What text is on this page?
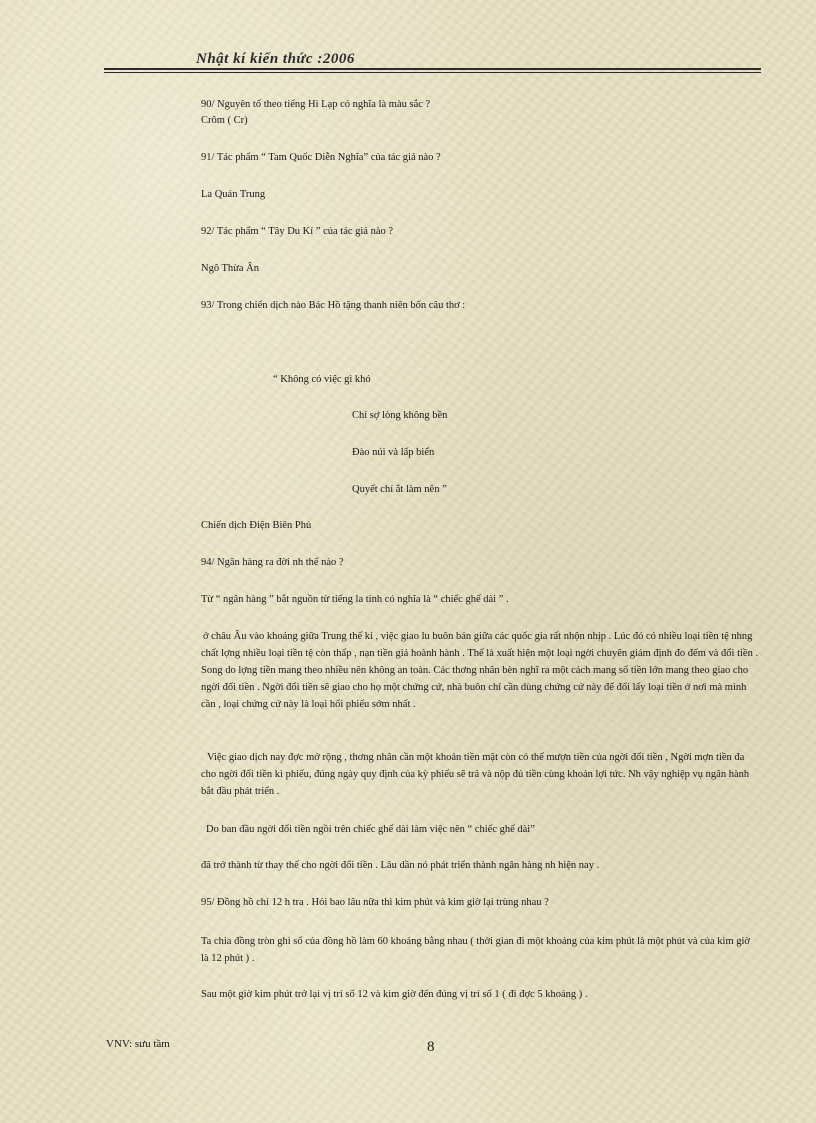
Nhật kí kiến thức :2006
90/ Nguyên tố theo tiếng Hi Lạp có nghĩa là màu sắc ?
Crôm ( Cr)
91/ Tác phẩm “ Tam Quốc Diễn Nghĩa” của tác giả nào ?
La Quán Trung
92/ Tác phẩm “ Tây Du Kí ” của tác giả nào ?
Ngô Thừa Ân
93/ Trong chiến dịch nào Bác Hồ tặng thanh niên bốn câu thơ :
“ Không có việc gì khó
Chỉ sợ lòng không bền
Đào núi và lấp biển
Quyết chí ắt làm nên ”
Chiến dịch Điện Biên Phủ
94/ Ngân hàng ra đời nh thế nào ?
Từ “ ngân hàng ” bắt nguồn từ tiếng la tinh có nghĩa là “ chiếc ghế dài ” .
ở châu Âu vào khoảng giữa Trung thế kỉ , việc giao lu buôn bán giữa các quốc gia rất nhộn nhịp . Lúc đó có nhiều loại tiền tệ nhng chất lợng nhiều loại tiền tệ còn thấp , nạn tiền giả hoành hành . Thế là xuất hiện một loại ngời chuyên giám định đo đếm và đổi tiền . Song do lợng tiền mang theo nhiều nên không an toàn. Các thơng nhân bèn nghĩ ra một cách mang số tiền lớn mang theo giao cho ngời đổi tiền . Ngời đổi tiền sẽ giao cho họ một chứng cứ, nhà buôn chỉ cần dùng chứng cứ này để đổi lấy loại tiền ở nơi mà mình cần , loại chứng cứ này là loại hối phiếu sớm nhất .
Việc giao dịch nay đợc mở rộng , thơng nhân cần một khoản tiền mặt còn có thể mượn tiền của ngời đổi tiền , Ngời mợn tiền đa cho ngời đổi tiền kì phiếu, đúng ngày quy định của kỳ phiếu sẽ trả và nộp đủ tiền cùng khoản lợi tức. Nh vậy nghiệp vụ ngân hành bắt đầu phát triển .
Do ban đầu ngời đổi tiền ngồi trên chiếc ghế dài làm việc nên “ chiếc ghế dài”
đã trở thành từ thay thế cho ngời đổi tiền . Lâu dần nó phát triển thành ngân hàng nh hiện nay .
95/ Đồng hồ chỉ 12 h tra . Hỏi bao lâu nữa thì kim phút và kim giờ lại trùng nhau ?
Ta chia đồng tròn ghi số của đồng hồ làm 60 khoảng bằng nhau ( thời gian đi một khoảng của kim phút là một phút và của kim giờ là 12 phút ) .
Sau một giờ kim phút trở lại vị trí số 12 và kim giờ đến đúng vị trí số 1 ( đi đợc 5 khoảng ) .
VNV: sưu tầm	8
